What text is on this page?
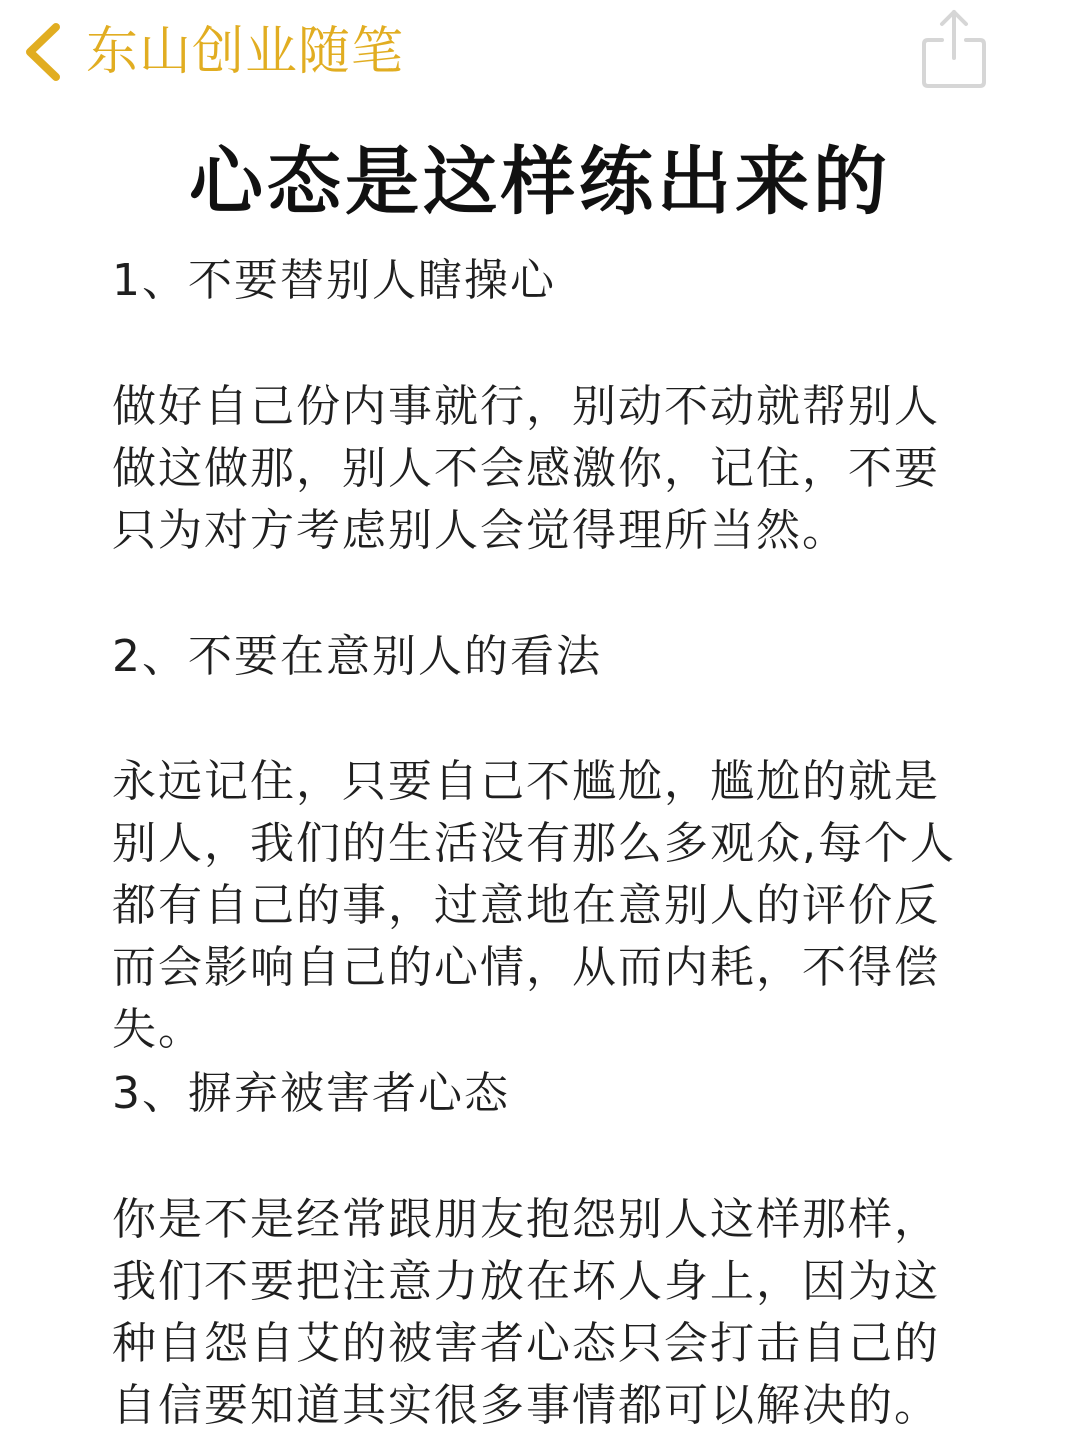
东山创业随笔
心态是这样练出来的

1、不要替别人瞎操心

做好自己份内事就行，别动不动就帮别人做这做那，别人不会感激你，记住，不要只为对方考虑别人会觉得理所当然。

2、不要在意别人的看法

永远记住，只要自己不尴尬，尴尬的就是别人，我们的生活没有那么多观众,每个人都有自己的事，过意地在意别人的评价反而会影响自己的心情，从而内耗，不得偿失。

3、摒弃被害者心态

你是不是经常跟朋友抱怨别人这样那样，我们不要把注意力放在坏人身上，因为这种自怨自艾的被害者心态只会打击自己的自信要知道其实很多事情都可以解决的。
